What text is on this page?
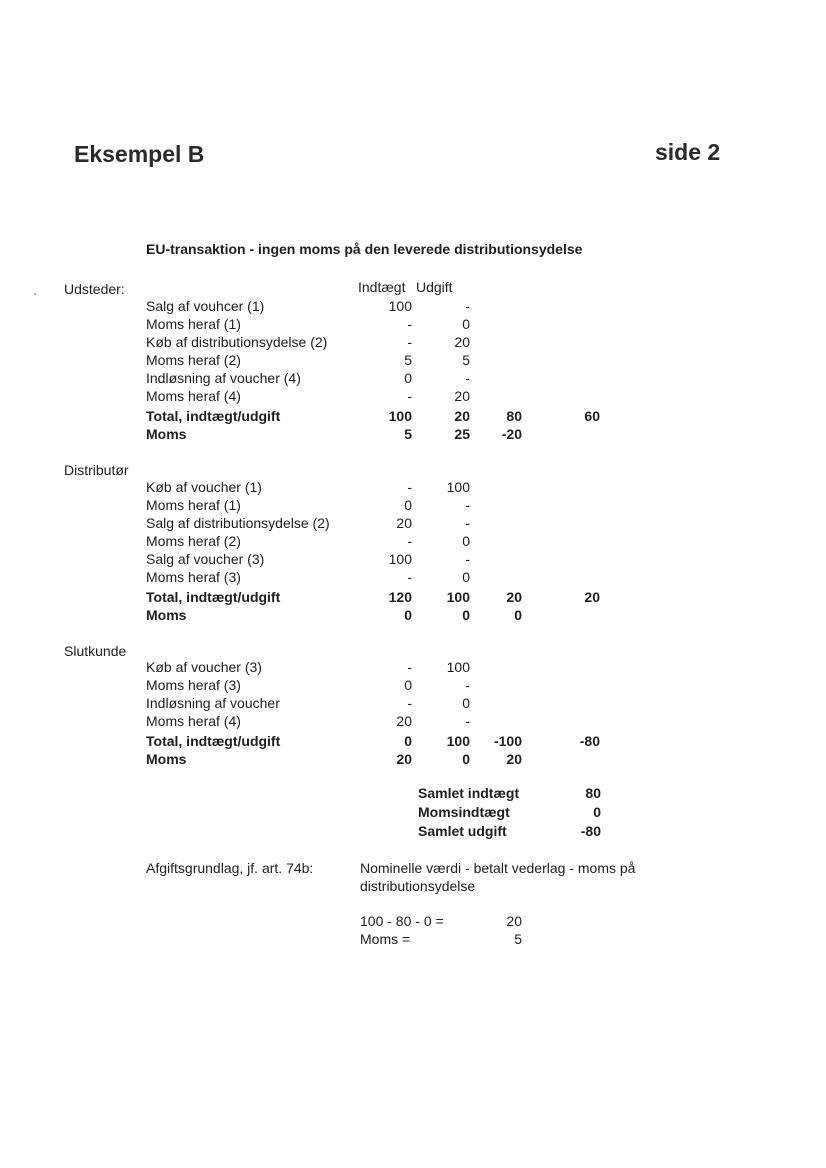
Eksempel B	side 2
EU-transaktion - ingen moms på den leverede distributionsydelse
Indtægt Udgift
Udsteder:
Salg af vouhcer (1)	100	-
Moms heraf (1)	-	0
Køb af distributionsydelse (2)	-	20
Moms heraf (2)	5	5
Indløsning af voucher (4)	0	-
Moms heraf (4)	-	20
Total, indtægt/udgift	100	20	80	60
Moms	5	25	-20
Distributør
Køb af voucher (1)	-	100
Moms heraf (1)	0	-
Salg af distributionsydelse (2)	20	-
Moms heraf (2)	-	0
Salg af voucher (3)	100	-
Moms heraf (3)	-	0
Total, indtægt/udgift	120	100	20	20
Moms	0	0	0
Slutkunde
Køb af voucher (3)	-	100
Moms heraf (3)	0	-
Indløsning af voucher	-	0
Moms heraf (4)	20	-
Total, indtægt/udgift	0	100	-100	-80
Moms	20	0	20
Samlet indtægt	80
Momsindtægt	0
Samlet udgift	-80
Afgiftsgrundlag, jf. art. 74b:	Nominelle værdi - betalt vederlag - moms på
distributionsydelse
100 - 80 - 0 =	20
Moms =	5
